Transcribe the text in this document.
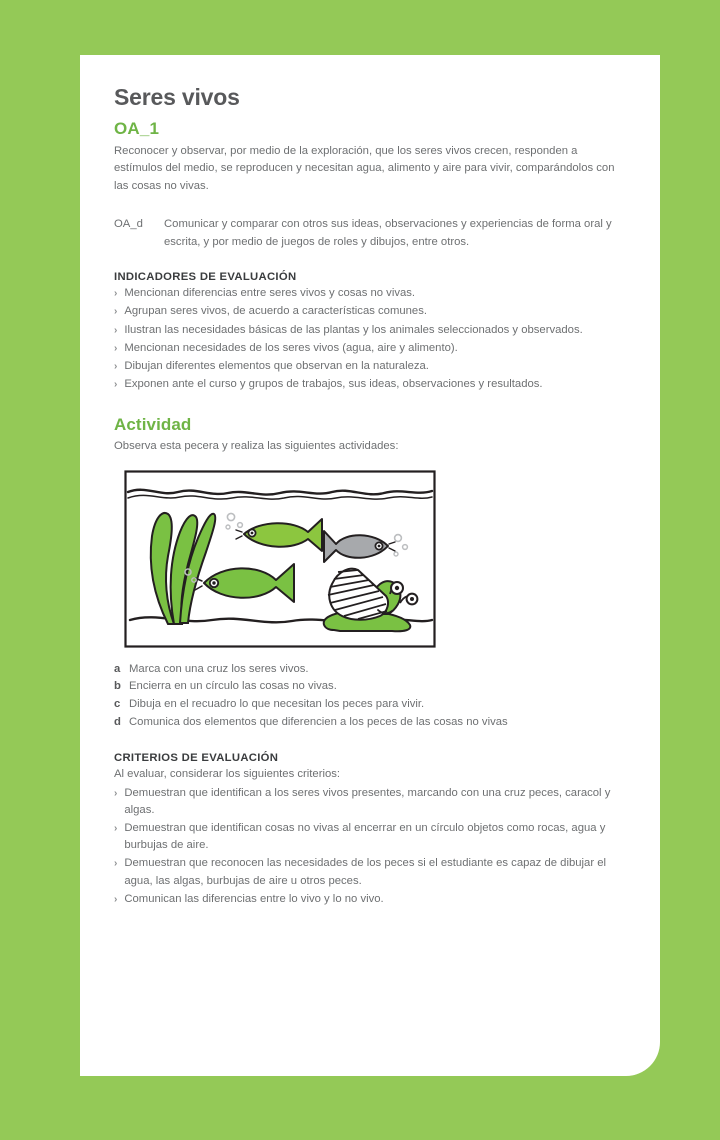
Seres vivos
OA_1

Reconocer y observar, por medio de la exploración, que los seres vivos crecen, responden a estímulos del medio, se reproducen y necesitan agua, alimento y aire para vivir, comparándolos con las cosas no vivas.

OA_d	Comunicar y comparar con otros sus ideas, observaciones y experiencias de forma oral y escrita, y por medio de juegos de roles y dibujos, entre otros.
INDICADORES DE EVALUACIÓN
› Mencionan diferencias entre seres vivos y cosas no vivas.
› Agrupan seres vivos, de acuerdo a características comunes.
› Ilustran las necesidades básicas de las plantas y los animales seleccionados y observados.
› Mencionan necesidades de los seres vivos (agua, aire y alimento).
› Dibujan diferentes elementos que observan en la naturaleza.
› Exponen ante el curso y grupos de trabajos, sus ideas, observaciones y resultados.
Actividad

Observa esta pecera y realiza las siguientes actividades:

a Marca con una cruz los seres vivos.
b Encierra en un círculo las cosas no vivas.
c Dibuja en el recuadro lo que necesitan los peces para vivir.
d Comunica dos elementos que diferencien a los peces de las cosas no vivas
CRITERIOS DE EVALUACIÓN

Al evaluar, considerar los siguientes criterios:

› Demuestran que identifican a los seres vivos presentes, marcando con una cruz peces, caracol y algas.
› Demuestran que identifican cosas no vivas al encerrar en un círculo objetos como rocas, agua y burbujas de aire.
› Demuestran que reconocen las necesidades de los peces si el estudiante es capaz de dibujar el agua, las algas, burbujas de aire u otros peces.
› Comunican las diferencias entre lo vivo y lo no vivo.
